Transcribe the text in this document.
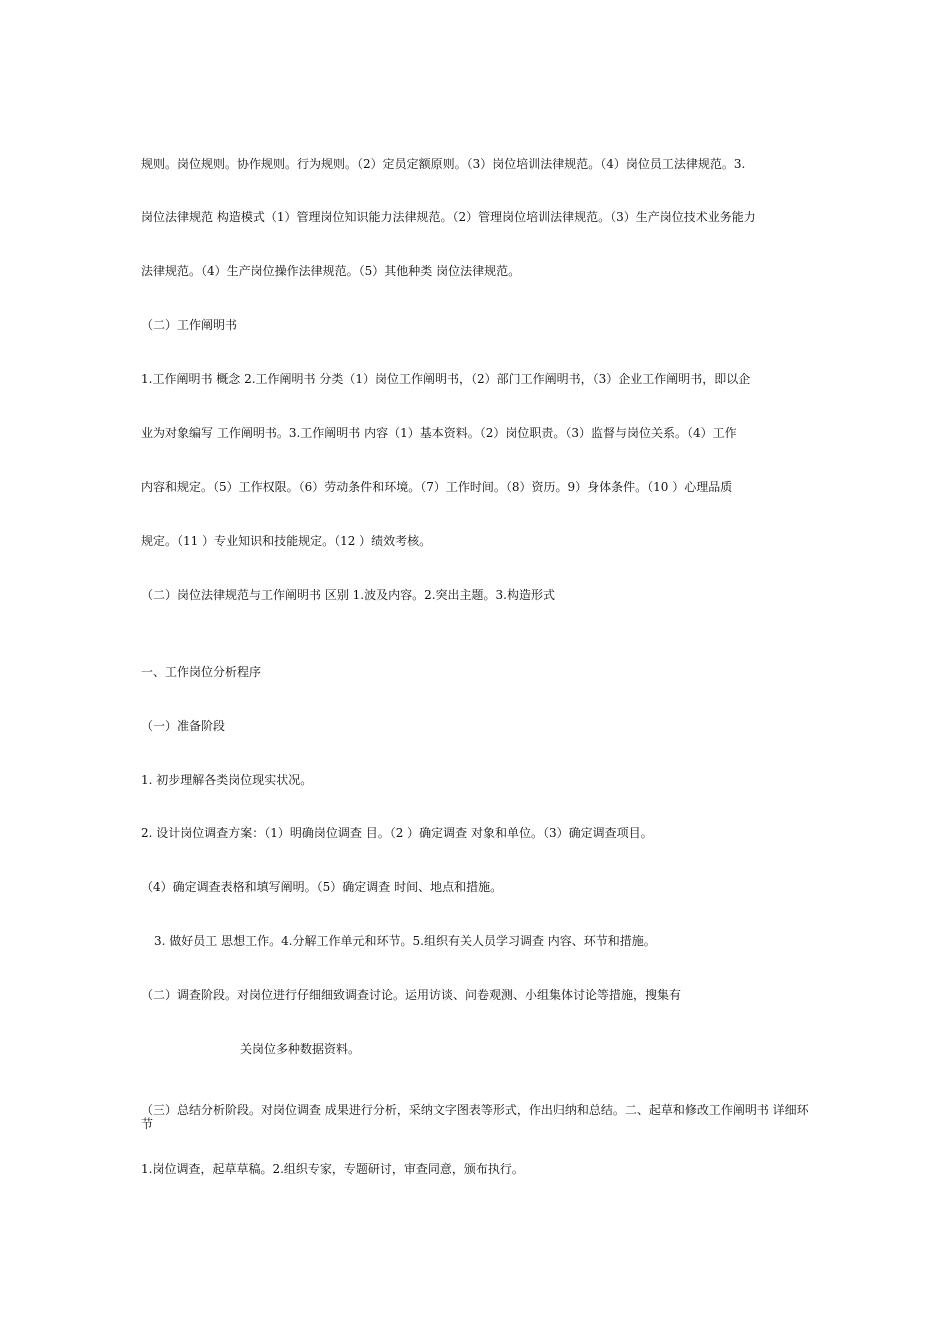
规则。岗位规则。协作规则。行为规则。（2）定员定额原则。（3）岗位培训法律规范。（4）岗位员工法律规范。3.
岗位法律规范 构造模式（1）管理岗位知识能力法律规范。（2）管理岗位培训法律规范。（3）生产岗位技术业务能力
法律规范。（4）生产岗位操作法律规范。（5）其他种类 岗位法律规范。
（二）工作阐明书
1.工作阐明书 概念 2.工作阐明书 分类（1）岗位工作阐明书，（2）部门工作阐明书，（3）企业工作阐明书，即以企
业为对象编写 工作阐明书。3.工作阐明书 内容（1）基本资料。（2）岗位职责。（3）监督与岗位关系。（4）工作
内容和规定。（5）工作权限。（6）劳动条件和环境。（7）工作时间。（8）资历。9）身体条件。（10 ）心理品质
规定。（11 ）专业知识和技能规定。（12 ）绩效考核。
（二）岗位法律规范与工作阐明书 区别 1.波及内容。2.突出主题。3.构造形式
一、工作岗位分析程序
（一）准备阶段
1. 初步理解各类岗位现实状况。
2. 设计岗位调查方案：（1）明确岗位调查 目。（2 ）确定调查 对象和单位。（3）确定调查项目。
（4）确定调查表格和填写阐明。（5）确定调查 时间、地点和措施。
3. 做好员工 思想工作。4.分解工作单元和环节。5.组织有关人员学习调查 内容、环节和措施。
（二）调查阶段。对岗位进行仔细细致调查讨论。运用访谈、问卷观测、小组集体讨论等措施，搜集有
关岗位多种数据资料。
（三）总结分析阶段。对岗位调查 成果进行分析，采纳文字图表等形式，作出归纳和总结。二、起草和修改工作阐明书 详细环节
1.岗位调查，起草草稿。2.组织专家，专题研讨，审查同意，颁布执行。
